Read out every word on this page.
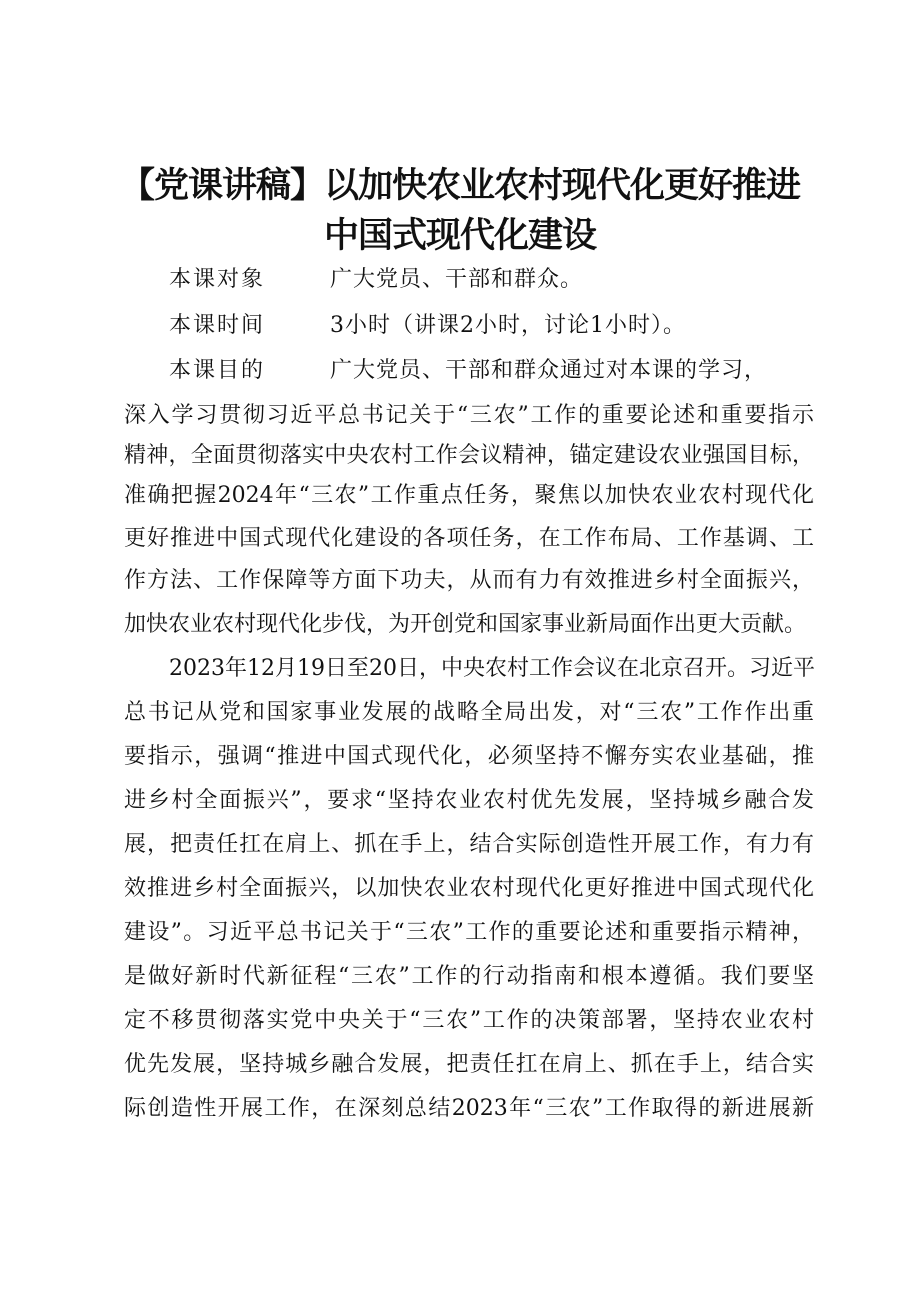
【党课讲稿】以加快农业农村现代化更好推进
中国式现代化建设
本课对象	广大党员、干部和群众。
本课时间	3小时（讲课2小时，讨论1小时）。
本课目的	广大党员、干部和群众通过对本课的学习，
深入学习贯彻习近平总书记关于“三农”工作的重要论述和重要指示
精神，全面贯彻落实中央农村工作会议精神，锚定建设农业强国目标，
准确把握2024年“三农”工作重点任务，聚焦以加快农业农村现代化
更好推进中国式现代化建设的各项任务，在工作布局、工作基调、工
作方法、工作保障等方面下功夫，从而有力有效推进乡村全面振兴，
加快农业农村现代化步伐，为开创党和国家事业新局面作出更大贡献。
2023年12月19日至20日，中央农村工作会议在北京召开。习近平
总书记从党和国家事业发展的战略全局出发，对“三农”工作作出重
要指示，强调“推进中国式现代化，必须坚持不懈夯实农业基础，推
进乡村全面振兴”，要求“坚持农业农村优先发展，坚持城乡融合发
展，把责任扛在肩上、抓在手上，结合实际创造性开展工作，有力有
效推进乡村全面振兴，以加快农业农村现代化更好推进中国式现代化
建设”。习近平总书记关于“三农”工作的重要论述和重要指示精神，
是做好新时代新征程“三农”工作的行动指南和根本遵循。我们要坚
定不移贯彻落实党中央关于“三农”工作的决策部署，坚持农业农村
优先发展，坚持城乡融合发展，把责任扛在肩上、抓在手上，结合实
际创造性开展工作，在深刻总结2023年“三农”工作取得的新进展新
